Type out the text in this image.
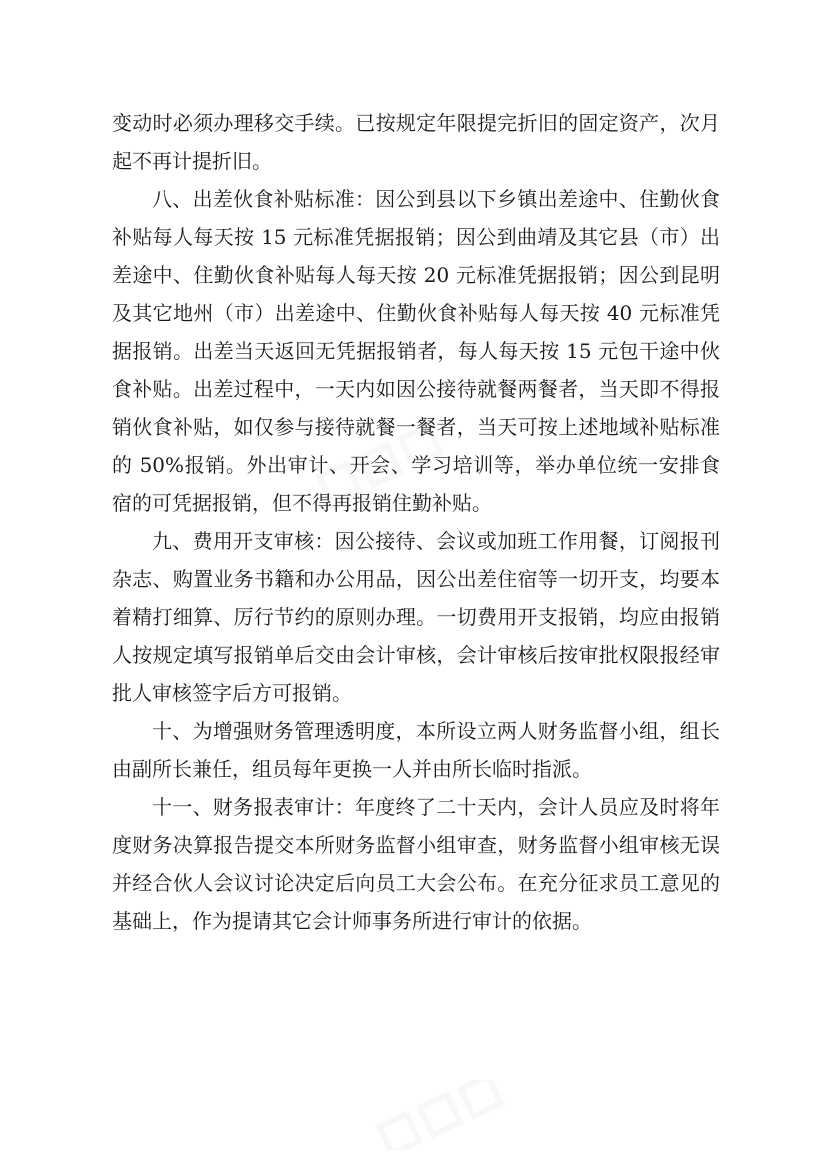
变动时必须办理移交手续。已按规定年限提完折旧的固定资产，次月起不再计提折旧。

八、出差伙食补贴标准：因公到县以下乡镇出差途中、住勤伙食补贴每人每天按 15 元标准凭据报销；因公到曲靖及其它县（市）出差途中、住勤伙食补贴每人每天按 20 元标准凭据报销；因公到昆明及其它地州（市）出差途中、住勤伙食补贴每人每天按 40 元标准凭据报销。出差当天返回无凭据报销者，每人每天按 15 元包干途中伙食补贴。出差过程中，一天内如因公接待就餐两餐者，当天即不得报销伙食补贴，如仅参与接待就餐一餐者，当天可按上述地域补贴标准的 50%报销。外出审计、开会、学习培训等，举办单位统一安排食宿的可凭据报销，但不得再报销住勤补贴。

九、费用开支审核：因公接待、会议或加班工作用餐，订阅报刊杂志、购置业务书籍和办公用品，因公出差住宿等一切开支，均要本着精打细算、厉行节约的原则办理。一切费用开支报销，均应由报销人按规定填写报销单后交由会计审核，会计审核后按审批权限报经审批人审核签字后方可报销。

十、为增强财务管理透明度，本所设立两人财务监督小组，组长由副所长兼任，组员每年更换一人并由所长临时指派。

十一、财务报表审计：年度终了二十天内，会计人员应及时将年度财务决算报告提交本所财务监督小组审查，财务监督小组审核无误并经合伙人会议讨论决定后向员工大会公布。在充分征求员工意见的基础上，作为提请其它会计师事务所进行审计的依据。
